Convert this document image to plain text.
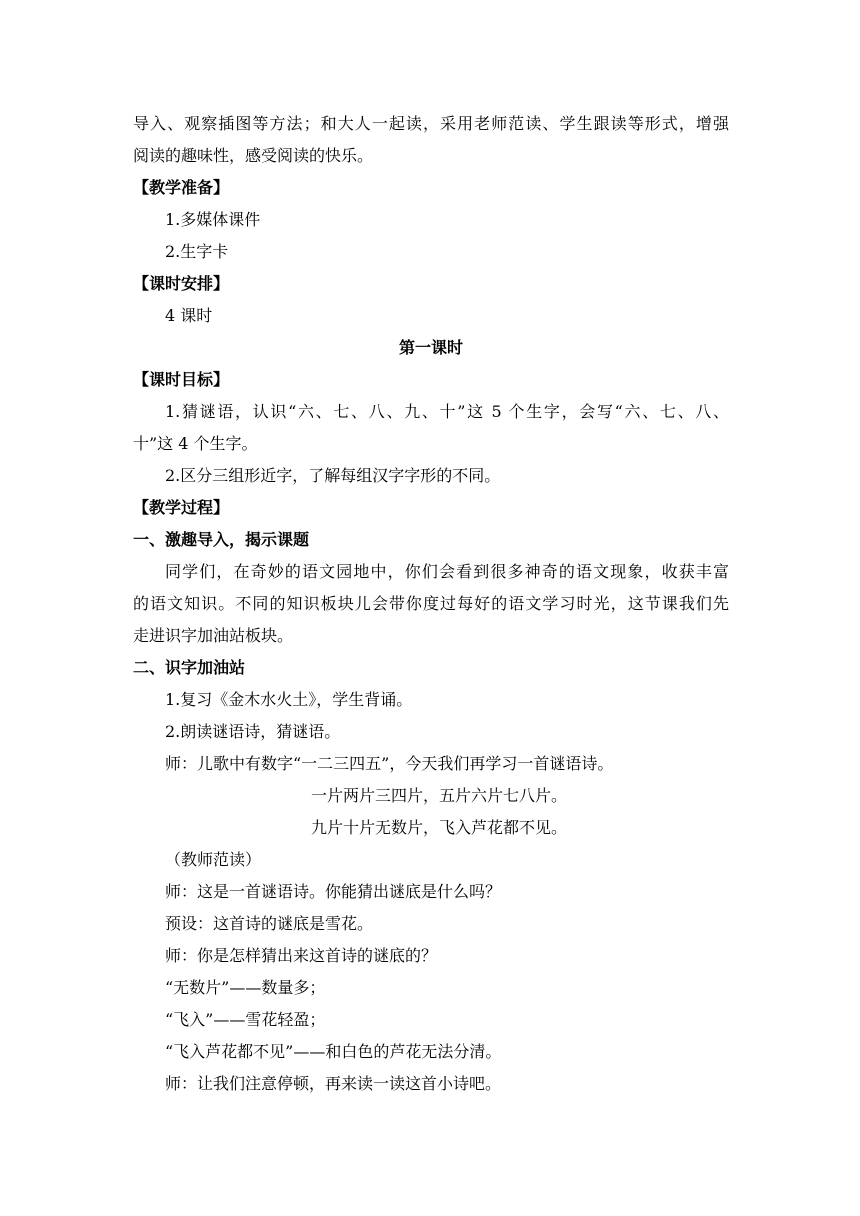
导入、观察插图等方法；和大人一起读，采用老师范读、学生跟读等形式，增强
阅读的趣味性，感受阅读的快乐。
【教学准备】
1.多媒体课件
2.生字卡
【课时安排】
4 课时
第一课时
【课时目标】
1.猜谜语，认识“六、七、八、九、十”这 5 个生字，会写“六、七、八、
十”这 4 个生字。
2.区分三组形近字，了解每组汉字字形的不同。
【教学过程】
一、激趣导入，揭示课题
同学们，在奇妙的语文园地中，你们会看到很多神奇的语文现象，收获丰富
的语文知识。不同的知识板块儿会带你度过每好的语文学习时光，这节课我们先
走进识字加油站板块。
二、识字加油站
1.复习《金木水火土》，学生背诵。
2.朗读谜语诗，猜谜语。
师：儿歌中有数字“一二三四五”，今天我们再学习一首谜语诗。
一片两片三四片，五片六片七八片。
九片十片无数片，飞入芦花都不见。
（教师范读）
师：这是一首谜语诗。你能猜出谜底是什么吗？
预设：这首诗的谜底是雪花。
师：你是怎样猜出来这首诗的谜底的？
“无数片”——数量多；
“飞入”——雪花轻盈；
“飞入芦花都不见”——和白色的芦花无法分清。
师：让我们注意停顿，再来读一读这首小诗吧。
